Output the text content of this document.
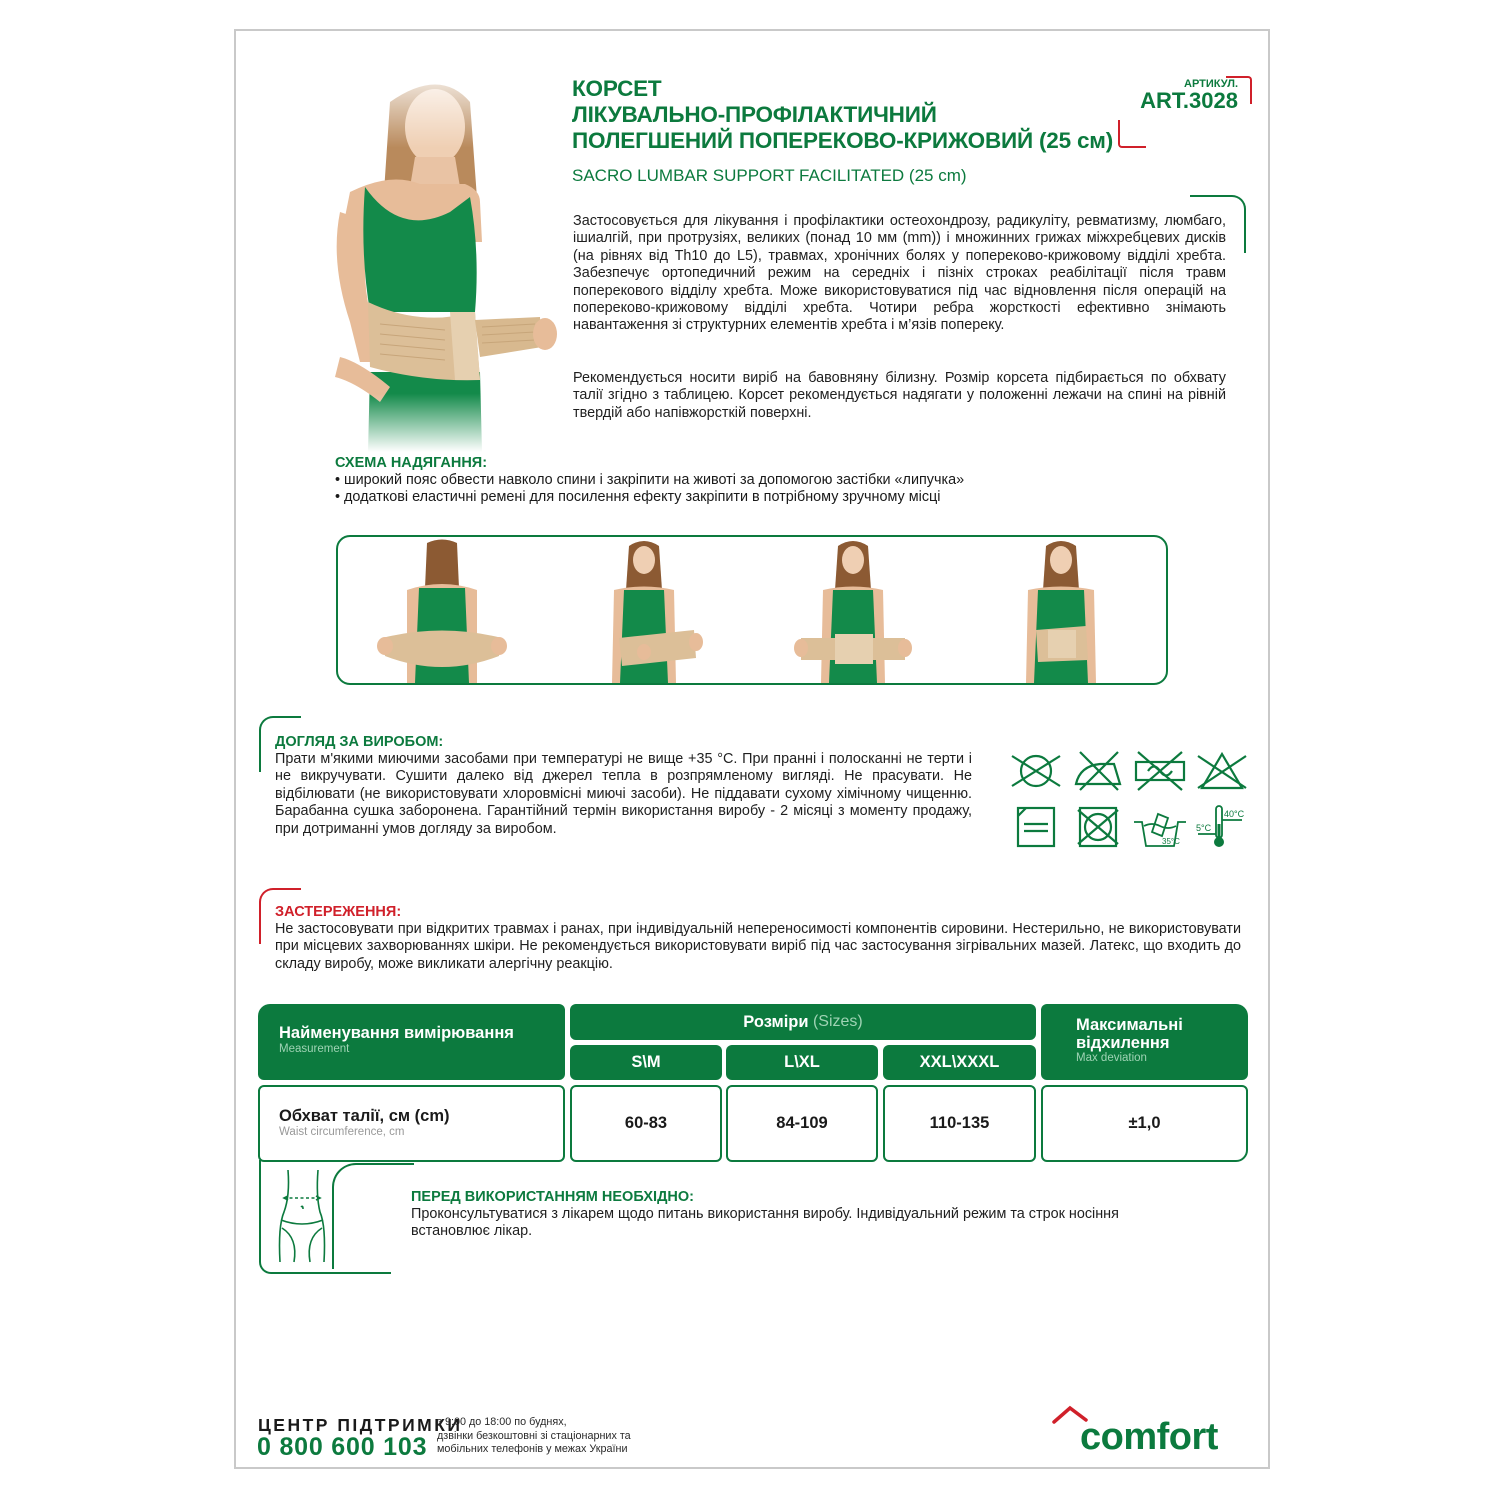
КОРСЕТ
ЛІКУВАЛЬНО-ПРОФІЛАКТИЧНИЙ
ПОЛЕГШЕНИЙ ПОПЕРЕКОВО-КРИЖОВИЙ (25 см)
SACRO LUMBAR SUPPORT FACILITATED (25 cm)
АРТИКУЛ.
ART.3028
Застосовується для лікування і профілактики остеохондрозу, радикуліту, ревматизму, люмбаго, ішиалгій, при протрузіях, великих (понад 10 мм (mm)) і множинних грижах міжхребцевих дисків (на рівнях від Th10 до L5), травмах, хронічних болях у попереково-крижовому відділі хребта. Забезпечує ортопедичний режим на середніх і пізніх строках реабілітації після травм поперекового відділу хребта. Може використовуватися під час відновлення після операцій на попереково-крижовому відділі хребта. Чотири ребра жорсткості ефективно знімають навантаження зі структурних елементів хребта і м’язів попереку.
Рекомендується носити виріб на бавовняну білизну. Розмір корсета підбирається по обхвату талії згідно з таблицею. Корсет рекомендується надягати у положенні лежачи на спині на рівній твердій або напівжорсткій поверхні.
СХЕМА НАДЯГАННЯ:
• широкий пояс обвести навколо спини і закріпити на животі за допомогою застібки «липучка»
• додаткові еластичні ремені для посилення ефекту закріпити в потрібному зручному місці
ДОГЛЯД ЗА ВИРОБОМ:
Прати м'якими миючими засобами при температурі не вище +35 °С. При пранні і полосканні не терти і не викручувати. Сушити далеко від джерел тепла в розпрямленому вигляді. Не прасувати. Не відбілювати (не використовувати хлоровмісні миючі засоби). Не піддавати сухому хімічному чищенню. Барабанна сушка заборонена. Гарантійний термін використання виробу - 2 місяці з моменту продажу, при дотриманні умов догляду за виробом.
35°C
5°C
40°C
ЗАСТЕРЕЖЕННЯ:
Не застосовувати при відкритих травмах і ранах, при індивідуальній непереносимості компонентів сировини. Нестерильно, не використовувати при місцевих захворюваннях шкіри. Не рекомендується використовувати виріб під час застосування зігрівальних мазей. Латекс, що входить до складу виробу, може викликати алергічну реакцію.
Найменування вимірювання
Measurement
Розміри
(Sizes)
S\M	L\XL	XXL\XXXL
Максимальні відхилення
Max deviation
Обхват талії, см (cm)
Waist circumference, cm	60-83	84-109	110-135	±1,0
ПЕРЕД ВИКОРИСТАННЯМ НЕОБХІДНО:
Проконсультуватися з лікарем щодо питань використання виробу. Індивідуальний режим та строк носіння встановлює лікар.
ЦЕНТР ПІДТРИМКИ
0 800 600 103
з 9:00 до 18:00 по буднях,
дзвінки безкоштовні зі стаціонарних та
мобільних телефонів у межах України	comfort
